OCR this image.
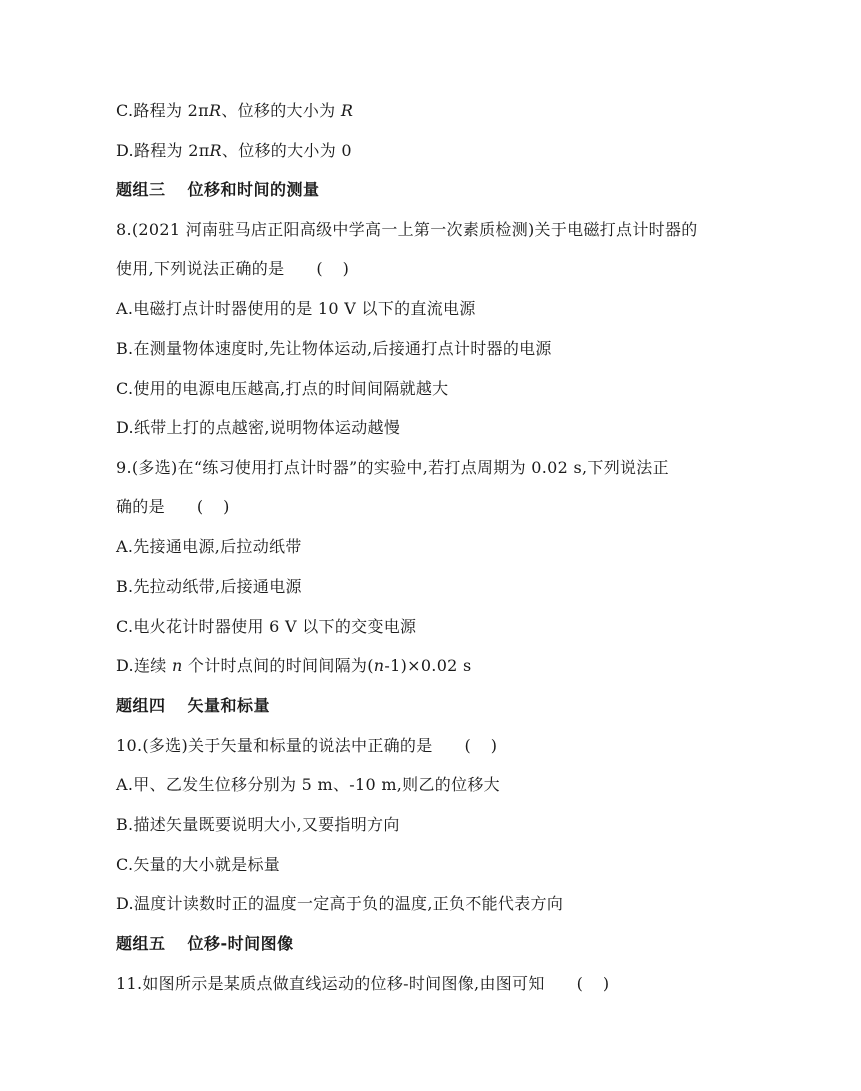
C.路程为 2πR、位移的大小为 R
D.路程为 2πR、位移的大小为 0
题组三 位移和时间的测量
8.(2021 河南驻马店正阳高级中学高一上第一次素质检测)关于电磁打点计时器的
使用,下列说法正确的是 ()
A.电磁打点计时器使用的是 10 V 以下的直流电源
B.在测量物体速度时,先让物体运动,后接通打点计时器的电源
C.使用的电源电压越高,打点的时间间隔就越大
D.纸带上打的点越密,说明物体运动越慢
9.(多选)在“练习使用打点计时器”的实验中,若打点周期为 0.02 s,下列说法正
确的是 ()
A.先接通电源,后拉动纸带
B.先拉动纸带,后接通电源
C.电火花计时器使用 6 V 以下的交变电源
D.连续 n 个计时点间的时间间隔为(n-1)×0.02 s
题组四 矢量和标量
10.(多选)关于矢量和标量的说法中正确的是 ()
A.甲、乙发生位移分别为 5 m、-10 m,则乙的位移大
B.描述矢量既要说明大小,又要指明方向
C.矢量的大小就是标量
D.温度计读数时正的温度一定高于负的温度,正负不能代表方向
题组五 位移-时间图像
11.如图所示是某质点做直线运动的位移-时间图像,由图可知 ()
